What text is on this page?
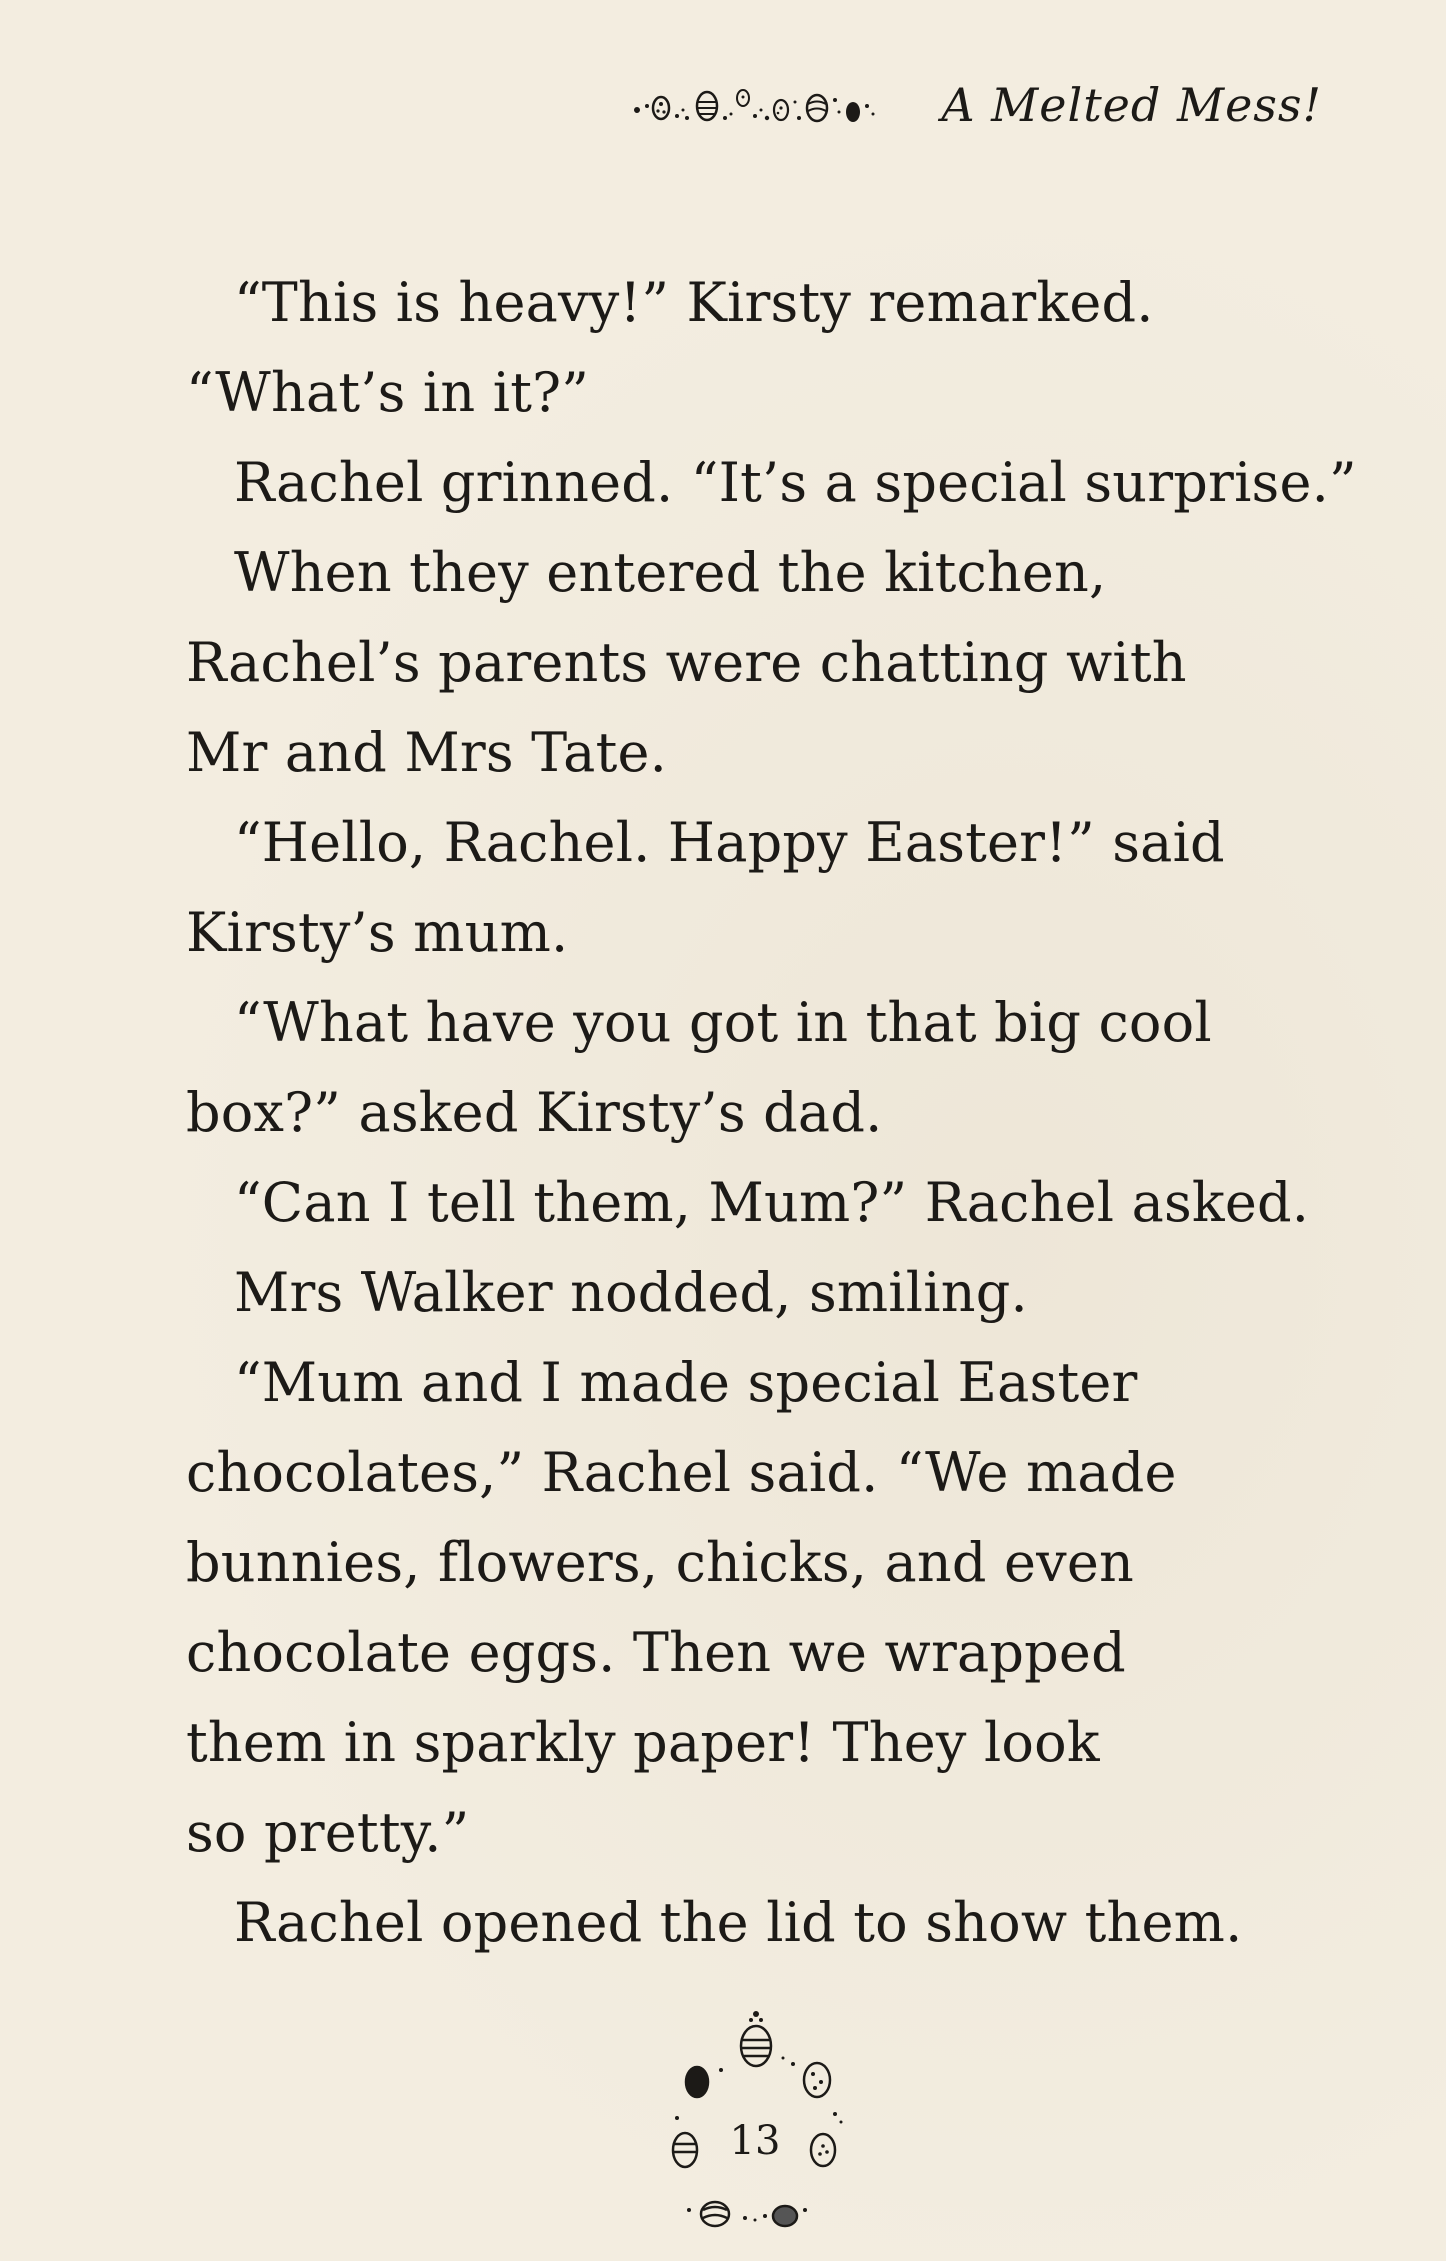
A Melted Mess!
“This is heavy!” Kirsty remarked.
“What’s in it?”
Rachel grinned. “It’s a special surprise.”
When they entered the kitchen,
Rachel’s parents were chatting with
Mr and Mrs Tate.
“Hello, Rachel. Happy Easter!” said
Kirsty’s mum.
“What have you got in that big cool
box?” asked Kirsty’s dad.
“Can I tell them, Mum?” Rachel asked.
Mrs Walker nodded, smiling.
“Mum and I made special Easter
chocolates,” Rachel said. “We made
bunnies, flowers, chicks, and even
chocolate eggs. Then we wrapped
them in sparkly paper! They look
so pretty.”
Rachel opened the lid to show them.
13
